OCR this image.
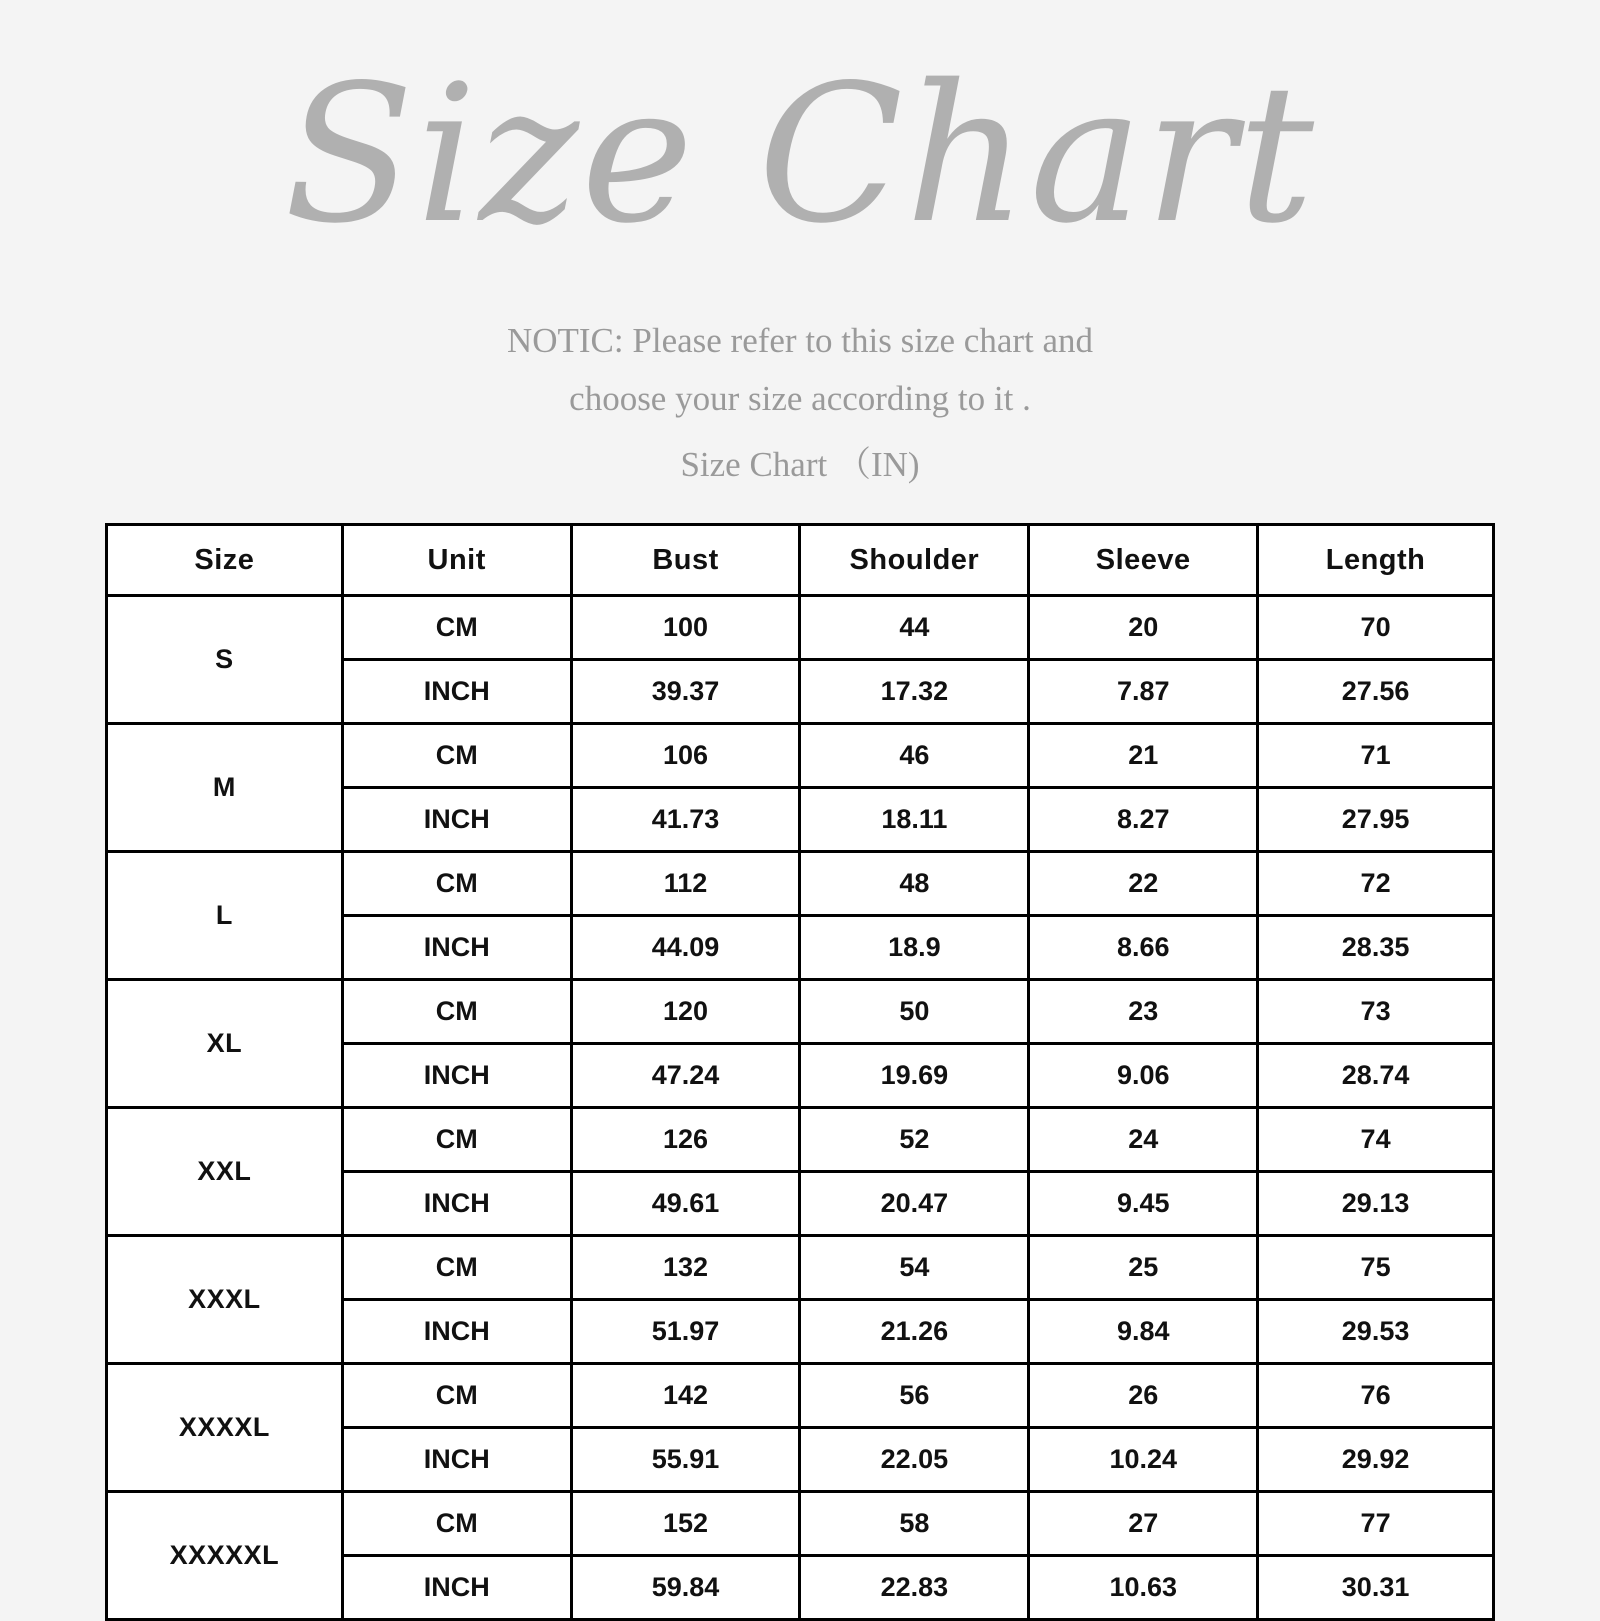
Size Chart
NOTIC: Please refer to this size chart and
choose your size according to it .
Size Chart （IN)
Size	Unit	Bust	Shoulder	Sleeve	Length
S	CM	100	44	20	70
	INCH	39.37	17.32	7.87	27.56
M	CM	106	46	21	71
	INCH	41.73	18.11	8.27	27.95
L	CM	112	48	22	72
	INCH	44.09	18.9	8.66	28.35
XL	CM	120	50	23	73
	INCH	47.24	19.69	9.06	28.74
XXL	CM	126	52	24	74
	INCH	49.61	20.47	9.45	29.13
XXXL	CM	132	54	25	75
	INCH	51.97	21.26	9.84	29.53
XXXXL	CM	142	56	26	76
	INCH	55.91	22.05	10.24	29.92
XXXXXL	CM	152	58	27	77
	INCH	59.84	22.83	10.63	30.31
